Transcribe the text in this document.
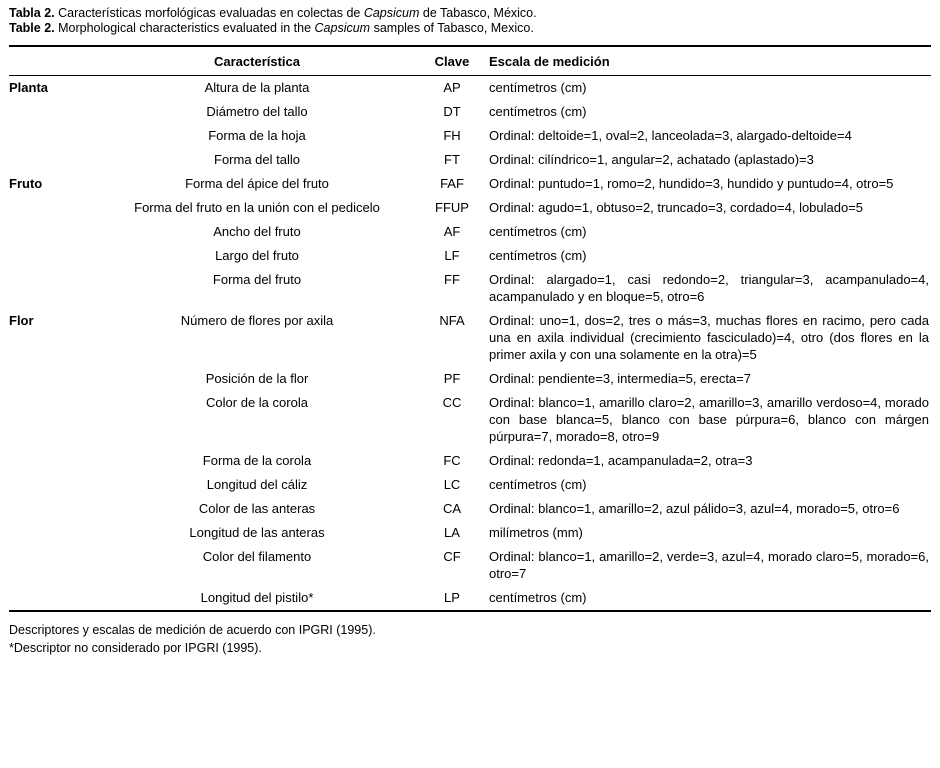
Tabla 2. Características morfológicas evaluadas en colectas de Capsicum de Tabasco, México.

Table 2. Morphological characteristics evaluated in the Capsicum samples of Tabasco, Mexico.

	Característica	Clave	Escala de medición
Planta	Altura de la planta	AP	centímetros (cm)
	Diámetro del tallo	DT	centímetros (cm)
	Forma de la hoja	FH	Ordinal: deltoide=1, oval=2, lanceolada=3, alargado-deltoide=4
	Forma del tallo	FT	Ordinal: cilíndrico=1, angular=2, achatado (aplastado)=3
Fruto	Forma del ápice del fruto	FAF	Ordinal: puntudo=1, romo=2, hundido=3, hundido y puntudo=4, otro=5
	Forma del fruto en la unión con el pedicelo	FFUP	Ordinal: agudo=1, obtuso=2, truncado=3, cordado=4, lobulado=5
	Ancho del fruto	AF	centímetros (cm)
	Largo del fruto	LF	centímetros (cm)
	Forma del fruto	FF	Ordinal: alargado=1, casi redondo=2, triangular=3, acampanulado=4, acampanulado y en bloque=5, otro=6
Flor	Número de flores por axila	NFA	Ordinal: uno=1, dos=2, tres o más=3, muchas flores en racimo, pero cada una en axila individual (crecimiento fasciculado)=4, otro (dos flores en la primer axila y con una solamente en la otra)=5
	Posición de la flor	PF	Ordinal: pendiente=3, intermedia=5, erecta=7
	Color de la corola	CC	Ordinal: blanco=1, amarillo claro=2, amarillo=3, amarillo verdoso=4, morado con base blanca=5, blanco con base púrpura=6, blanco con márgen púrpura=7, morado=8, otro=9
	Forma de la corola	FC	Ordinal: redonda=1, acampanulada=2, otra=3
	Longitud del cáliz	LC	centímetros (cm)
	Color de las anteras	CA	Ordinal: blanco=1, amarillo=2, azul pálido=3, azul=4, morado=5, otro=6
	Longitud de las anteras	LA	milímetros (mm)
	Color del filamento	CF	Ordinal: blanco=1, amarillo=2, verde=3, azul=4, morado claro=5, morado=6, otro=7
	Longitud del pistilo*	LP	centímetros (cm)

Descriptores y escalas de medición de acuerdo con IPGRI (1995).

*Descriptor no considerado por IPGRI (1995).
